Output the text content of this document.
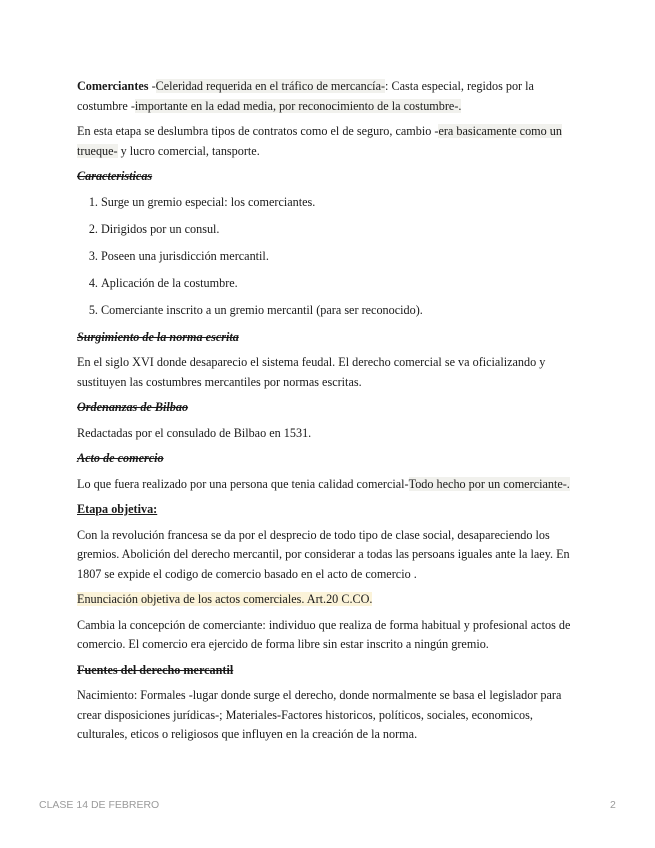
Comerciantes -Celeridad requerida en el tráfico de mercancía-: Casta especial, regidos por la costumbre -importante en la edad media, por reconocimiento de la costumbre-.

En esta etapa se deslumbra tipos de contratos como el de seguro, cambio -era basicamente como un trueque- y lucro comercial, tansporte.

Caracteristicas

1. Surge un gremio especial: los comerciantes.
2. Dirigidos por un consul.
3. Poseen una jurisdicción mercantil.
4. Aplicación de la costumbre.
5. Comerciante inscrito a un gremio mercantil (para ser reconocido).

Surgimiento de la norma escrita

En el siglo XVI donde desaparecio el sistema feudal. El derecho comercial se va oficializando y sustituyen las costumbres mercantiles por normas escritas.

Ordenanzas de Bilbao

Redactadas por el consulado de Bilbao en 1531.

Acto de comercio

Lo que fuera realizado por una persona que tenia calidad comercial-Todo hecho por un comerciante-.

Etapa objetiva:

Con la revolución francesa se da por el desprecio de todo tipo de clase social, desapareciendo los gremios. Abolición del derecho mercantil, por considerar a todas las persoans iguales ante la laey. En 1807 se expide el codigo de comercio basado en el acto de comercio .

Enunciación objetiva de los actos comerciales. Art.20 C.CO.

Cambia la concepción de comerciante: individuo que realiza de forma habitual y profesional actos de comercio. El comercio era ejercido de forma libre sin estar inscrito a ningún gremio.

Fuentes del derecho mercantil

Nacimiento: Formales -lugar donde surge el derecho, donde normalmente se basa el legislador para crear disposiciones jurídicas-; Materiales-Factores historicos, políticos, sociales, economicos, culturales, eticos o religiosos que influyen en la creación de la norma.

CLASE 14 DE FEBRERO	2
